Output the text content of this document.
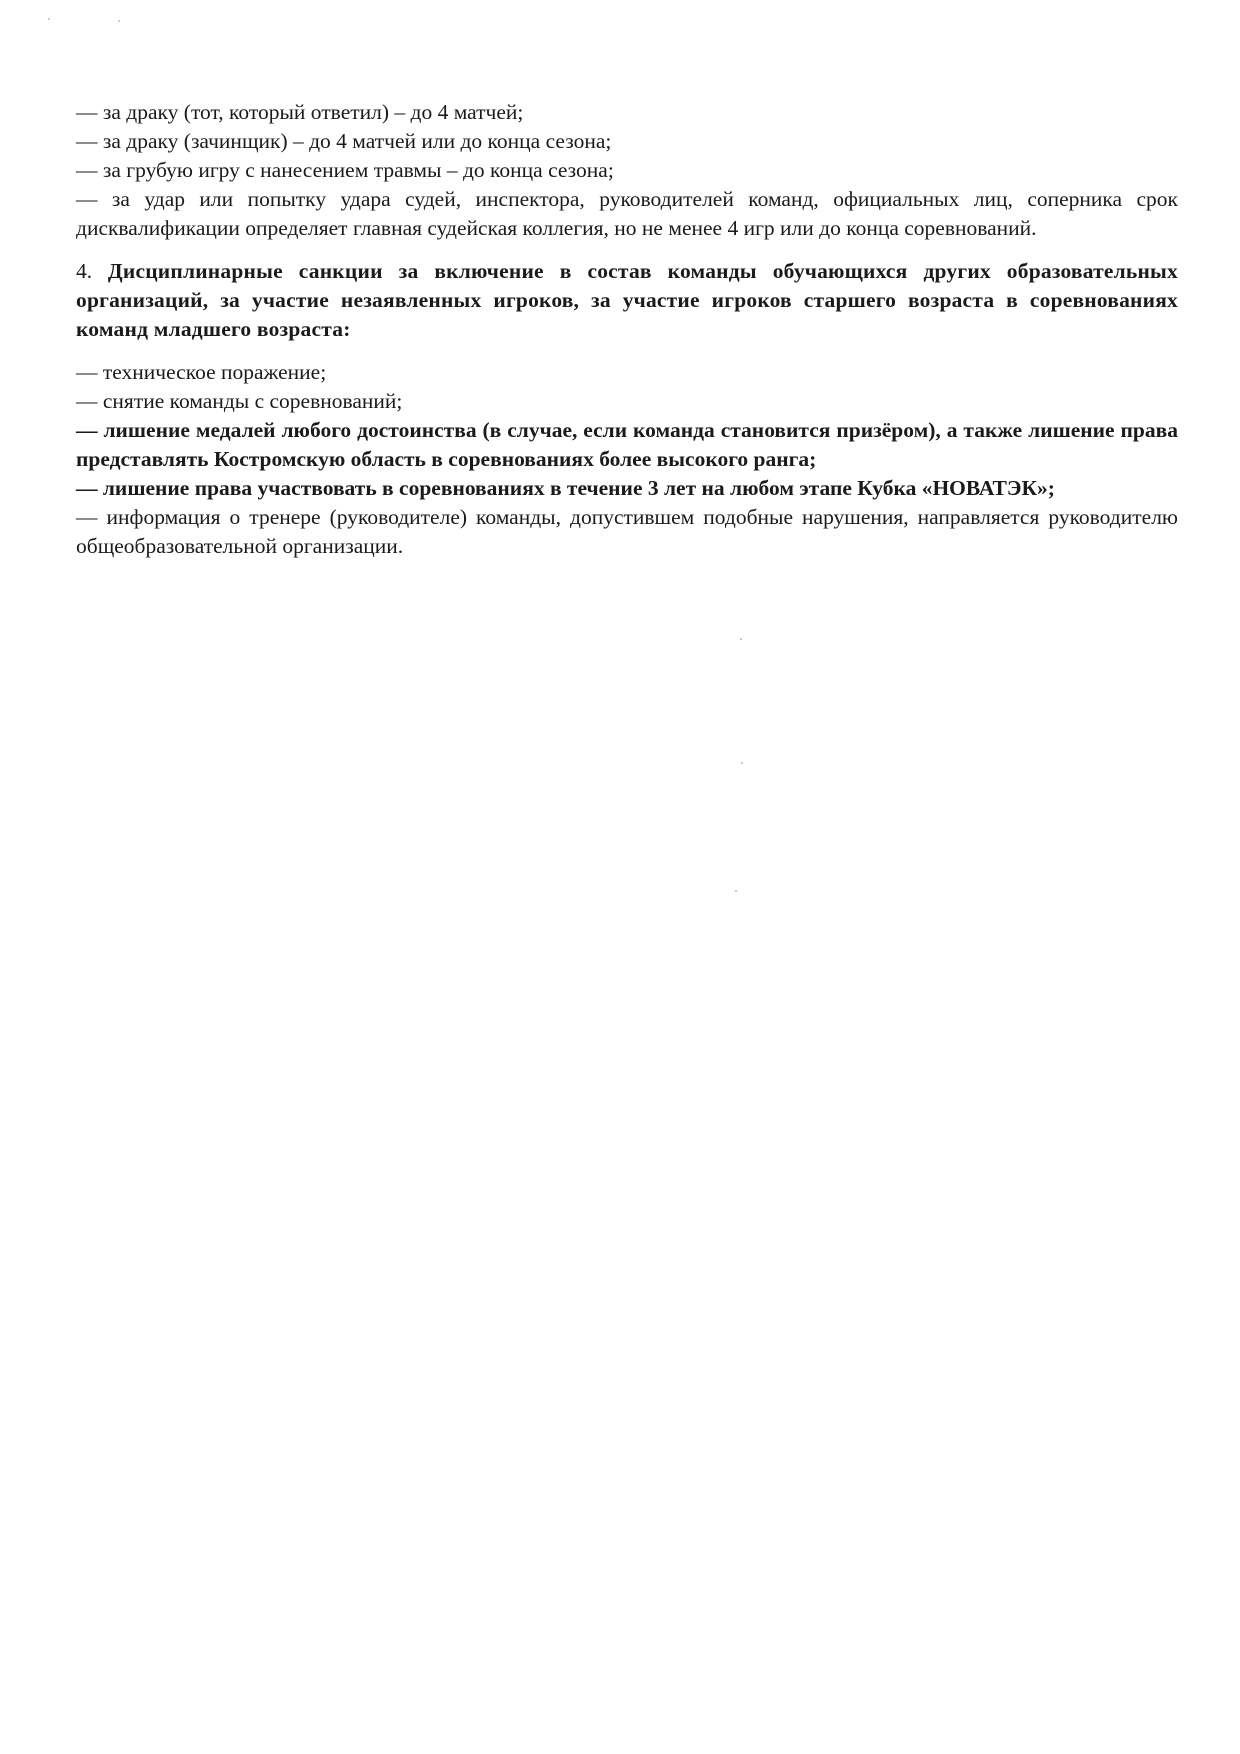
— за драку (тот, который ответил) – до 4 матчей;
— за драку (зачинщик) – до 4 матчей или до конца сезона;
— за грубую игру с нанесением травмы – до конца сезона;
— за удар или попытку удара судей, инспектора, руководителей команд, официальных лиц, соперника срок дисквалификации определяет главная судейская коллегия, но не менее 4 игр или до конца соревнований.
4. Дисциплинарные санкции за включение в состав команды обучающихся других образовательных организаций, за участие незаявленных игроков, за участие игроков старшего возраста в соревнованиях команд младшего возраста:
— техническое поражение;
— снятие команды с соревнований;
— лишение медалей любого достоинства (в случае, если команда становится призёром), а также лишение права представлять Костромскую область в соревнованиях более высокого ранга;
— лишение права участвовать в соревнованиях в течение 3 лет на любом этапе Кубка «НОВАТЭК»;
— информация о тренере (руководителе) команды, допустившем подобные нарушения, направляется руководителю общеобразовательной организации.
